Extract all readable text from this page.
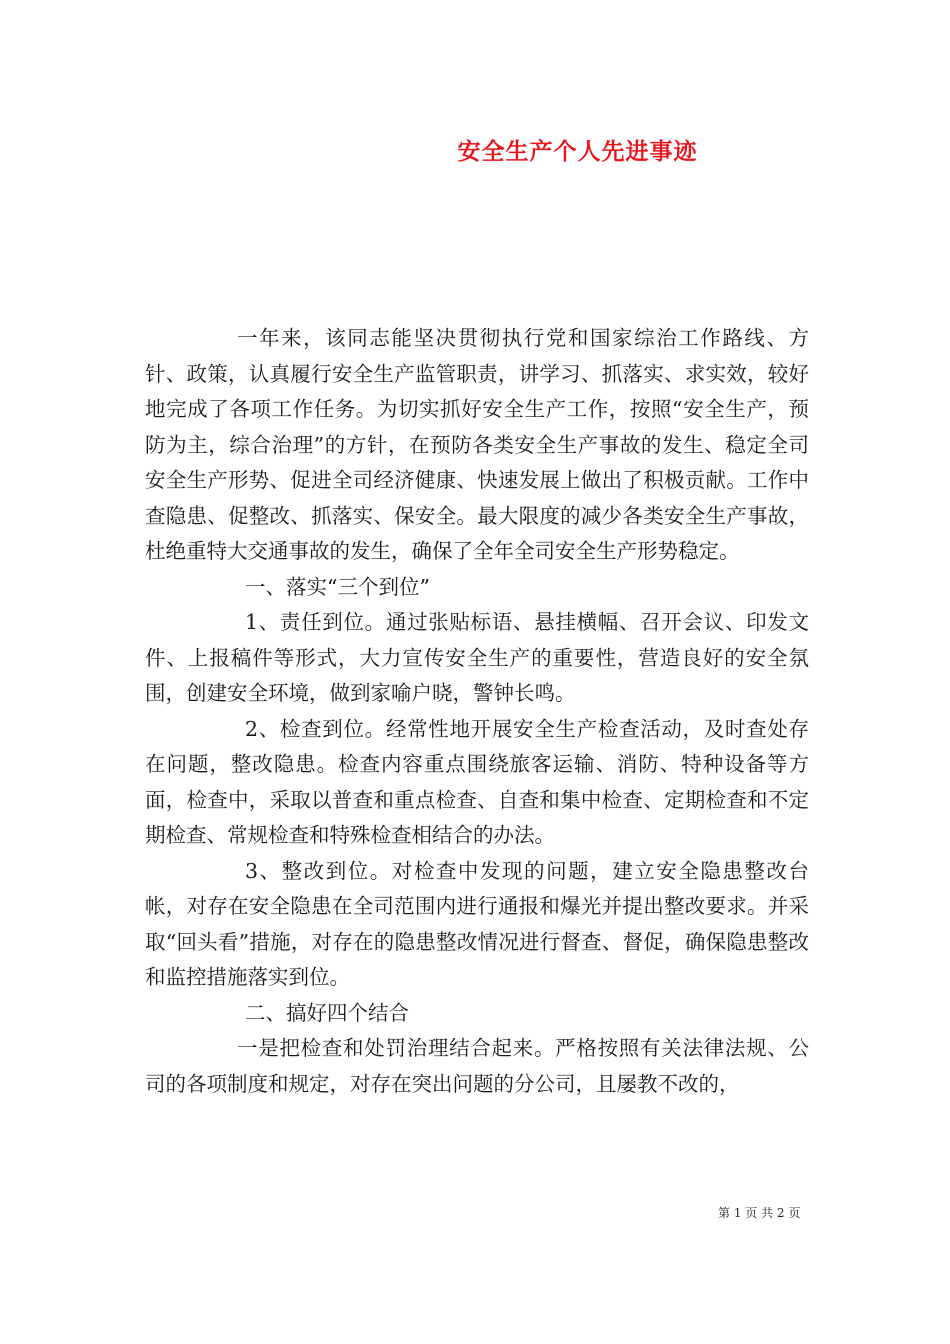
安全生产个人先进事迹

一年来，该同志能坚决贯彻执行党和国家综治工作路线、方针、政策，认真履行安全生产监管职责，讲学习、抓落实、求实效，较好地完成了各项工作任务。为切实抓好安全生产工作，按照“安全生产，预防为主，综合治理”的方针，在预防各类安全生产事故的发生、稳定全司安全生产形势、促进全司经济健康、快速发展上做出了积极贡献。工作中查隐患、促整改、抓落实、保安全。最大限度的减少各类安全生产事故，杜绝重特大交通事故的发生，确保了全年全司安全生产形势稳定。

一、落实“三个到位”

1、责任到位。通过张贴标语、悬挂横幅、召开会议、印发文件、上报稿件等形式，大力宣传安全生产的重要性，营造良好的安全氛围，创建安全环境，做到家喻户晓，警钟长鸣。

2、检查到位。经常性地开展安全生产检查活动，及时查处存在问题，整改隐患。检查内容重点围绕旅客运输、消防、特种设备等方面，检查中，采取以普查和重点检查、自查和集中检查、定期检查和不定期检查、常规检查和特殊检查相结合的办法。

3、整改到位。对检查中发现的问题，建立安全隐患整改台帐，对存在安全隐患在全司范围内进行通报和爆光并提出整改要求。并采取“回头看”措施，对存在的隐患整改情况进行督查、督促，确保隐患整改和监控措施落实到位。

二、搞好四个结合

一是把检查和处罚治理结合起来。严格按照有关法律法规、公司的各项制度和规定，对存在突出问题的分公司，且屡教不改的，

第 1 页 共 2 页
